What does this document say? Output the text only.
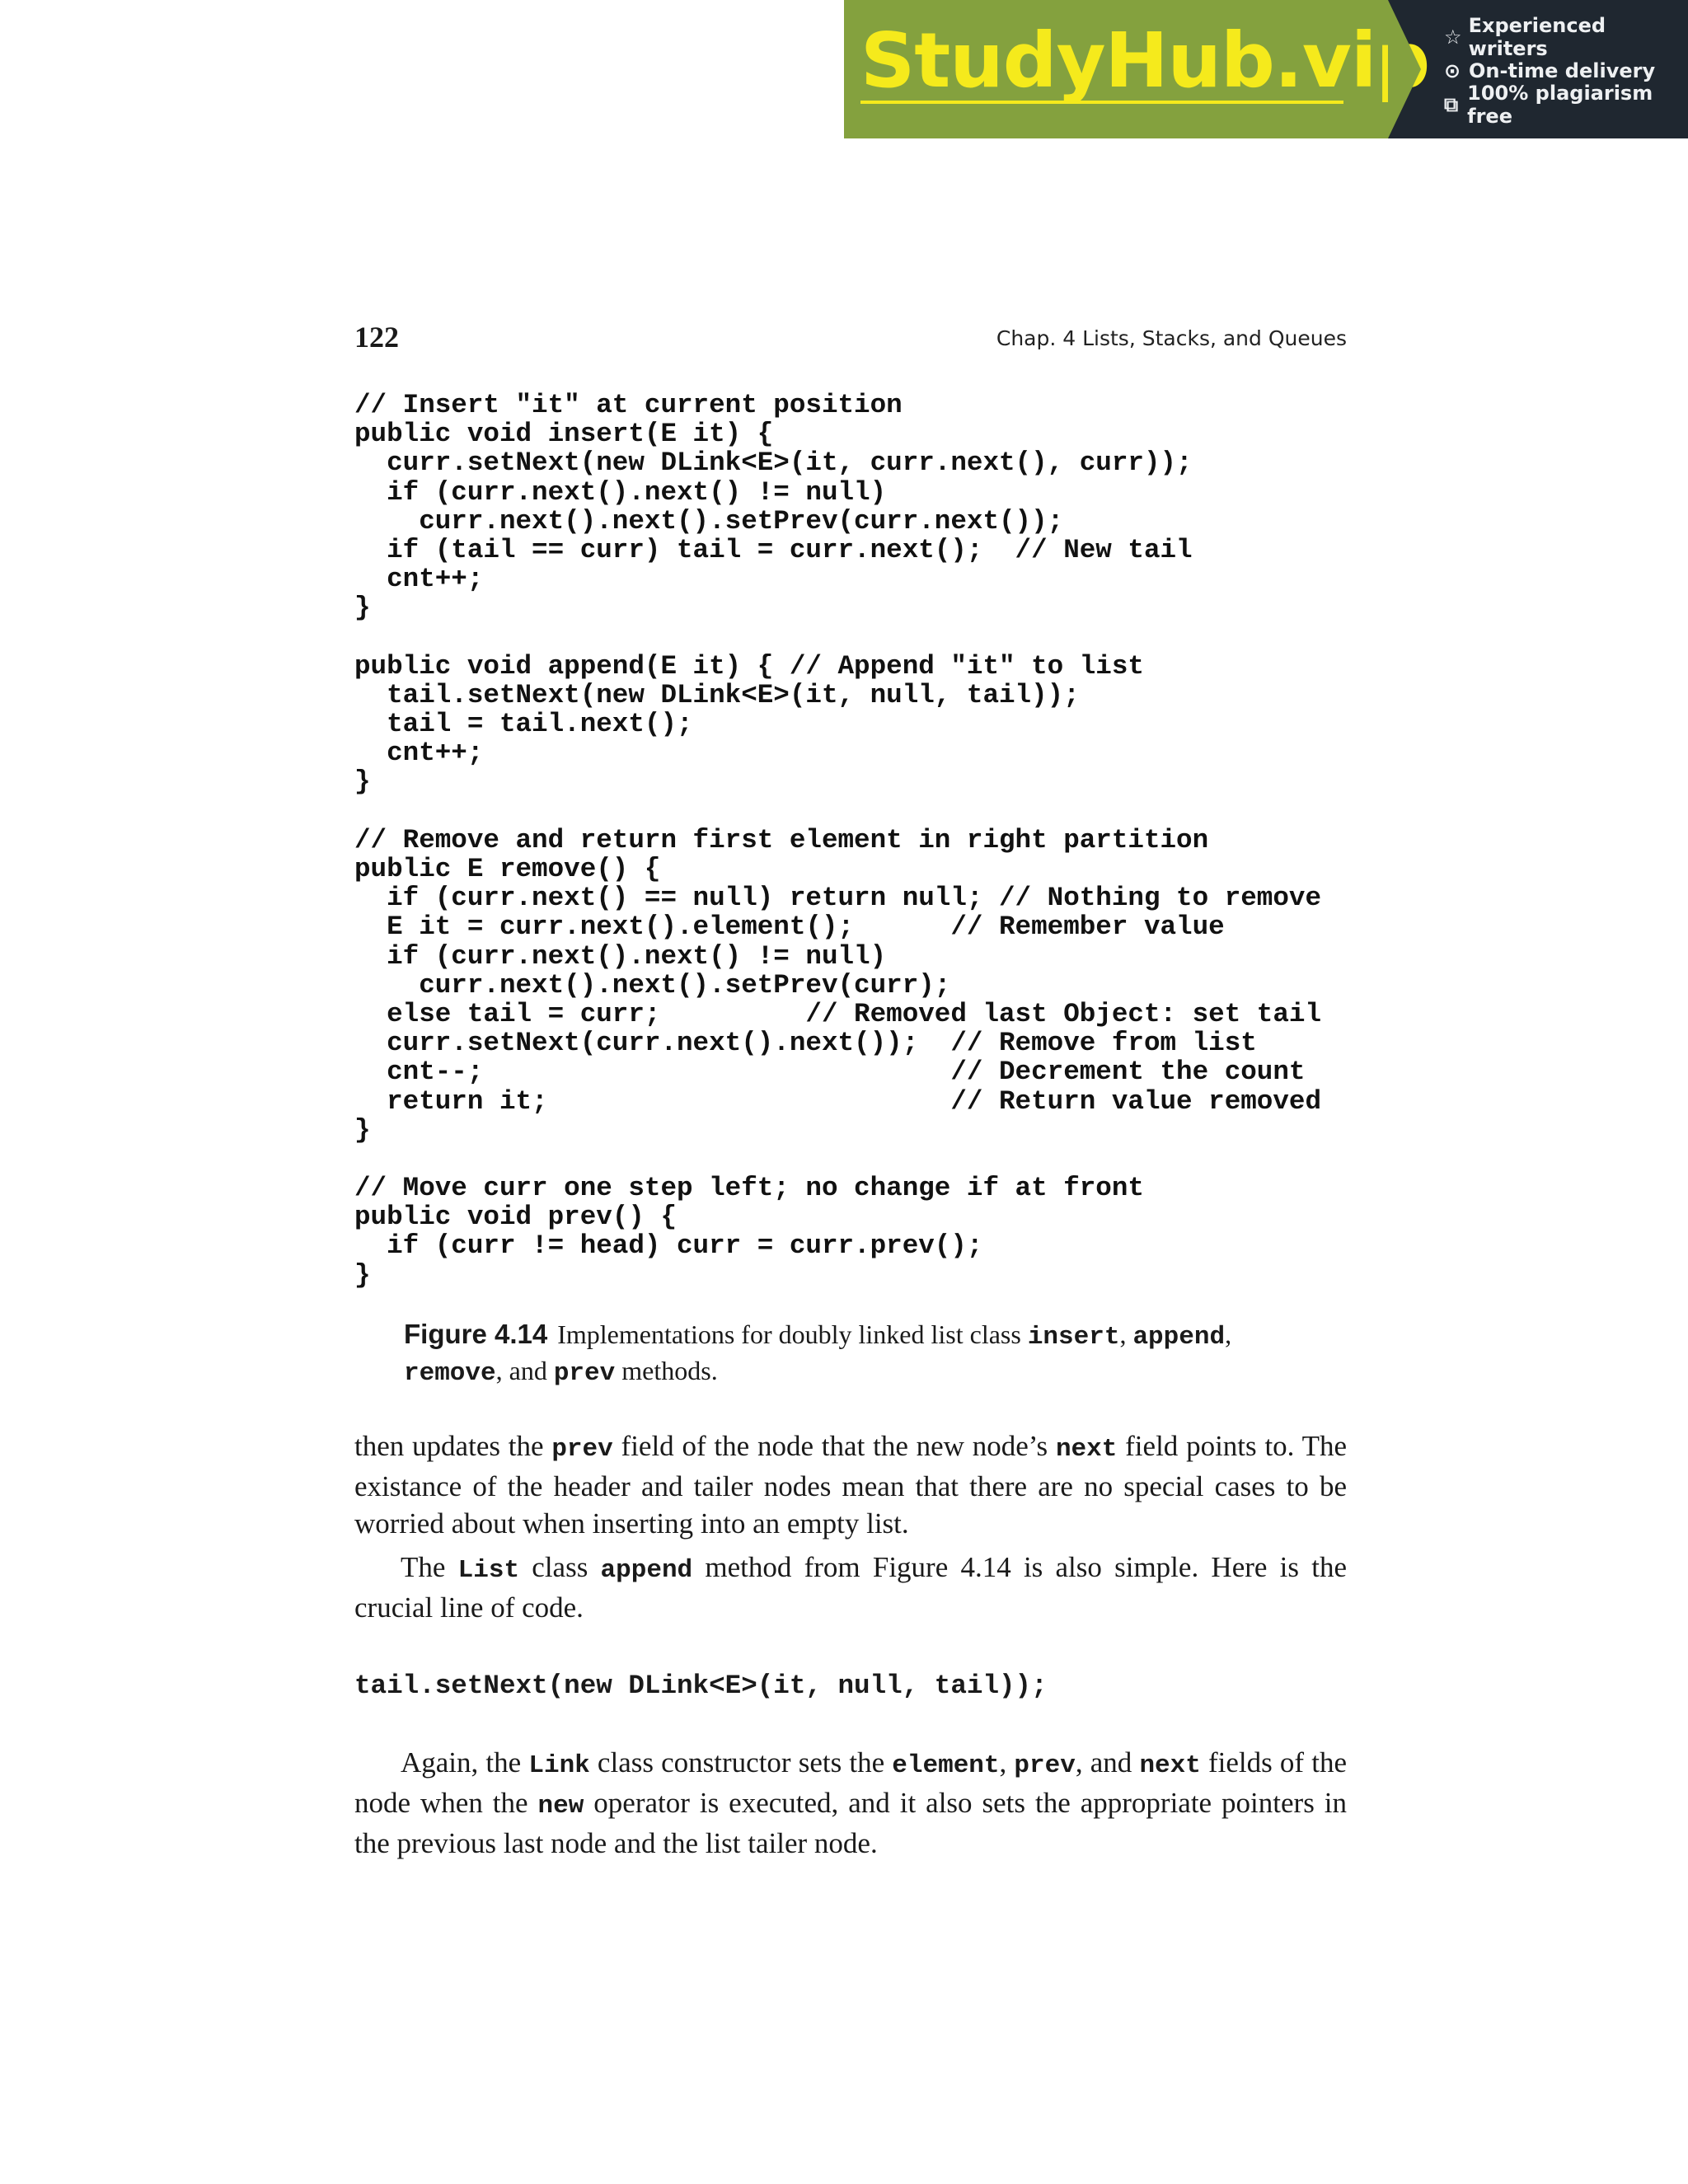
StudyHub.vip ☆ Experienced writers
⊙ On-time delivery
⧉ 100% plagiarism free
122	Chap. 4 Lists, Stacks, and Queues
// Insert "it" at current position
public void insert(E it) {
curr.setNext(new DLink<E>(it, curr.next(), curr));
if (curr.next().next() != null)
curr.next().next().setPrev(curr.next());
if (tail == curr) tail = curr.next();  // New tail
cnt++;
}
public void append(E it) { // Append "it" to list
tail.setNext(new DLink<E>(it, null, tail));
tail = tail.next();
cnt++;
}
// Remove and return first element in right partition
public E remove() {
if (curr.next() == null) return null; // Nothing to remove
E it = curr.next().element();      // Remember value
if (curr.next().next() != null)
curr.next().next().setPrev(curr);
else tail = curr;         // Removed last Object: set tail
curr.setNext(curr.next().next());  // Remove from list
cnt--;                             // Decrement the count
return it;                         // Return value removed
}
// Move curr one step left; no change if at front
public void prev() {
if (curr != head) curr = curr.prev();
}
Figure 4.14 Implementations for doubly linked list class insert, append,
remove, and prev methods.

then updates the prev field of the node that the new node’s next field points to. The existance of the header and tailer nodes mean that there are no special cases to be worried about when inserting into an empty list.

The List class append method from Figure 4.14 is also simple. Here is the crucial line of code.

tail.setNext(new DLink<E>(it, null, tail));

Again, the Link class constructor sets the element, prev, and next fields of the node when the new operator is executed, and it also sets the appropriate pointers in the previous last node and the list tailer node.
